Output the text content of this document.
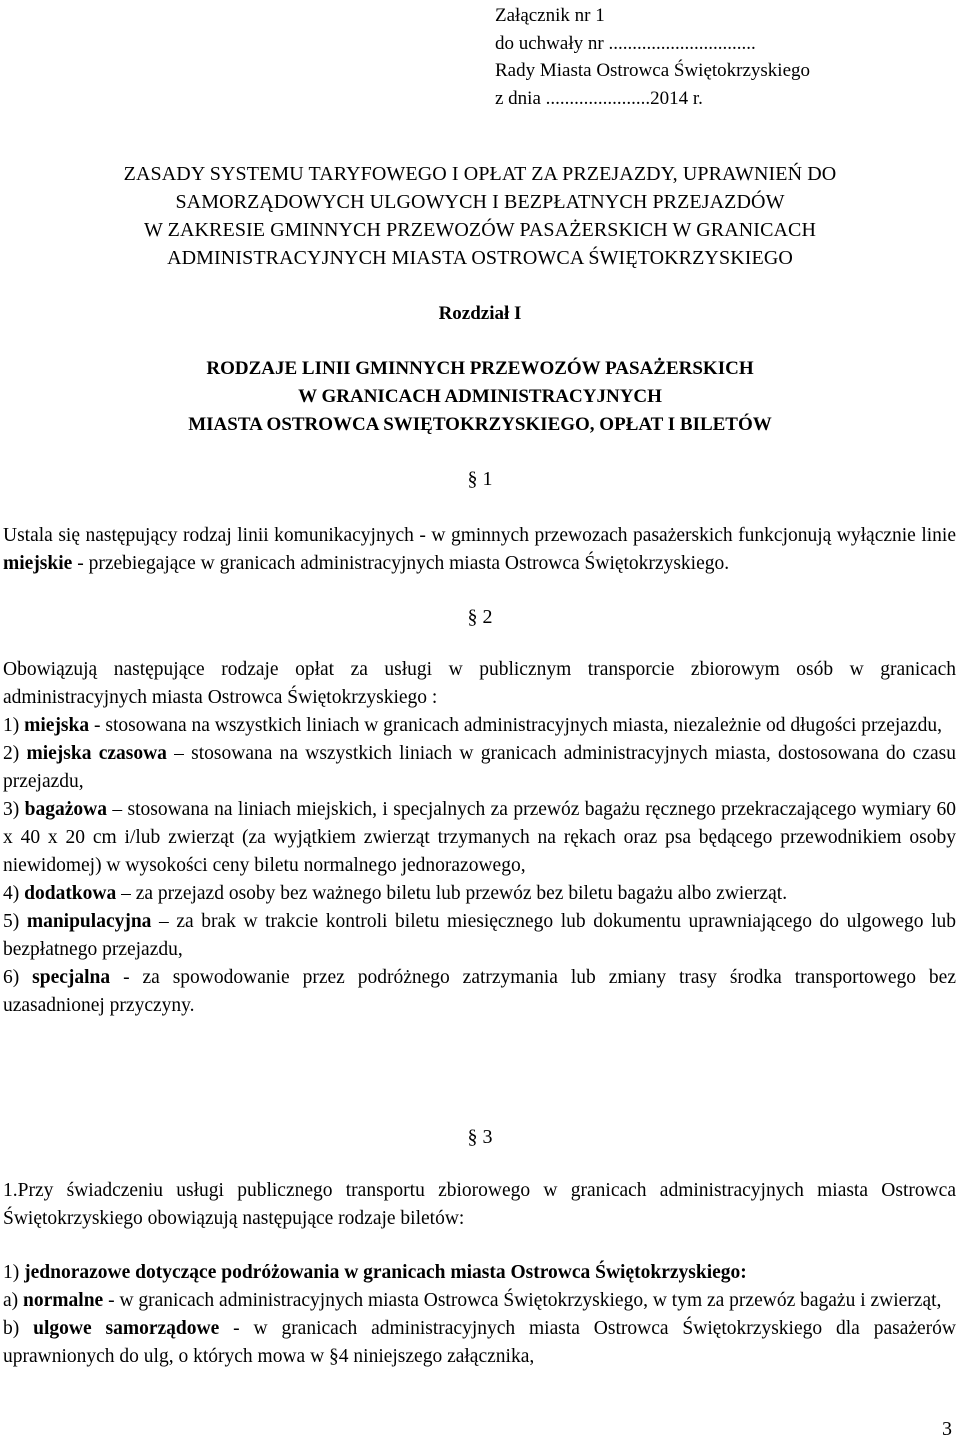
Załącznik nr 1
do uchwały nr ...............................
Rady Miasta Ostrowca Świętokrzyskiego
z dnia ......................2014 r.
ZASADY SYSTEMU TARYFOWEGO I OPŁAT ZA PRZEJAZDY, UPRAWNIEŃ DO
SAMORZĄDOWYCH ULGOWYCH I BEZPŁATNYCH PRZEJAZDÓW
W ZAKRESIE GMINNYCH PRZEWOZÓW PASAŻERSKICH W GRANICACH
ADMINISTRACYJNYCH MIASTA OSTROWCA ŚWIĘTOKRZYSKIEGO
Rozdział I
RODZAJE LINII GMINNYCH PRZEWOZÓW PASAŻERSKICH
W GRANICACH ADMINISTRACYJNYCH
MIASTA OSTROWCA SWIĘTOKRZYSKIEGO, OPŁAT I BILETÓW
§ 1

Ustala się następujący rodzaj linii komunikacyjnych - w gminnych przewozach pasażerskich funkcjonują wyłącznie linie miejskie - przebiegające w granicach administracyjnych miasta Ostrowca Świętokrzyskiego.

§ 2

Obowiązują następujące rodzaje opłat za usługi w publicznym transporcie zbiorowym osób w granicach administracyjnych miasta Ostrowca Świętokrzyskiego :

1) miejska - stosowana na wszystkich liniach w granicach administracyjnych miasta, niezależnie od długości przejazdu,

2) miejska czasowa – stosowana na wszystkich liniach w granicach administracyjnych miasta, dostosowana do czasu przejazdu,

3) bagażowa – stosowana na liniach miejskich, i specjalnych za przewóz bagażu ręcznego przekraczającego wymiary 60 x 40 x 20 cm i/lub zwierząt (za wyjątkiem zwierząt trzymanych na rękach oraz psa będącego przewodnikiem osoby niewidomej) w wysokości ceny biletu normalnego jednorazowego,

4) dodatkowa – za przejazd osoby bez ważnego biletu lub przewóz bez biletu bagażu albo zwierząt.

5) manipulacyjna – za brak w trakcie kontroli biletu miesięcznego lub dokumentu uprawniającego do ulgowego lub bezpłatnego przejazdu,

6) specjalna - za spowodowanie przez podróżnego zatrzymania lub zmiany trasy środka transportowego bez uzasadnionej przyczyny.

§ 3

1.Przy świadczeniu usługi publicznego transportu zbiorowego w granicach administracyjnych miasta Ostrowca Świętokrzyskiego obowiązują następujące rodzaje biletów:

1) jednorazowe dotyczące podróżowania w granicach miasta Ostrowca Świętokrzyskiego:

a) normalne - w granicach administracyjnych miasta Ostrowca Świętokrzyskiego, w tym za przewóz bagażu i zwierząt,

b) ulgowe samorządowe - w granicach administracyjnych miasta Ostrowca Świętokrzyskiego dla pasażerów uprawnionych do ulg, o których mowa w §4 niniejszego załącznika,

3
